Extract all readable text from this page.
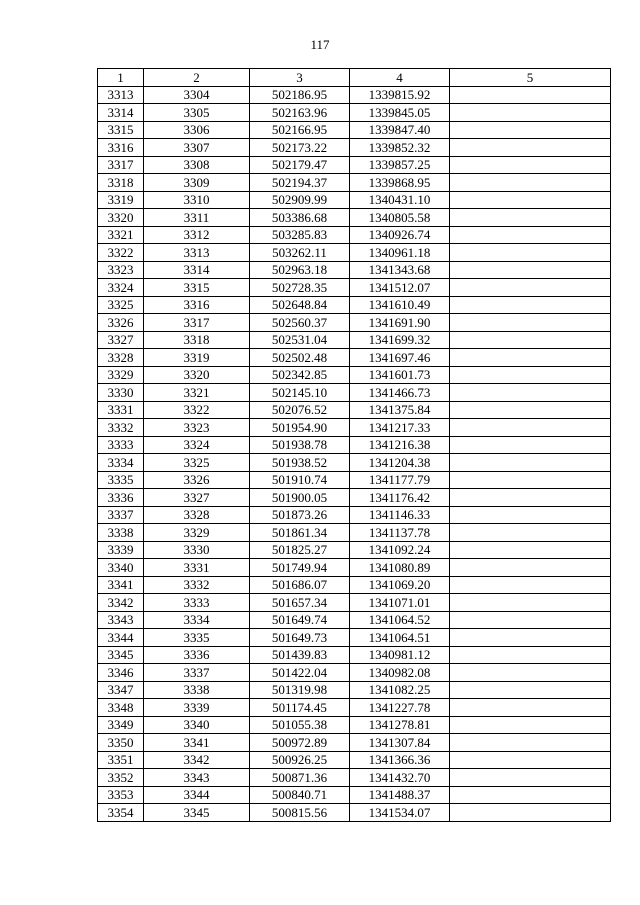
117
1	2	3	4	5
3313	3304	502186.95	1339815.92	
3314	3305	502163.96	1339845.05	
3315	3306	502166.95	1339847.40	
3316	3307	502173.22	1339852.32	
3317	3308	502179.47	1339857.25	
3318	3309	502194.37	1339868.95	
3319	3310	502909.99	1340431.10	
3320	3311	503386.68	1340805.58	
3321	3312	503285.83	1340926.74	
3322	3313	503262.11	1340961.18	
3323	3314	502963.18	1341343.68	
3324	3315	502728.35	1341512.07	
3325	3316	502648.84	1341610.49	
3326	3317	502560.37	1341691.90	
3327	3318	502531.04	1341699.32	
3328	3319	502502.48	1341697.46	
3329	3320	502342.85	1341601.73	
3330	3321	502145.10	1341466.73	
3331	3322	502076.52	1341375.84	
3332	3323	501954.90	1341217.33	
3333	3324	501938.78	1341216.38	
3334	3325	501938.52	1341204.38	
3335	3326	501910.74	1341177.79	
3336	3327	501900.05	1341176.42	
3337	3328	501873.26	1341146.33	
3338	3329	501861.34	1341137.78	
3339	3330	501825.27	1341092.24	
3340	3331	501749.94	1341080.89	
3341	3332	501686.07	1341069.20	
3342	3333	501657.34	1341071.01	
3343	3334	501649.74	1341064.52	
3344	3335	501649.73	1341064.51	
3345	3336	501439.83	1340981.12	
3346	3337	501422.04	1340982.08	
3347	3338	501319.98	1341082.25	
3348	3339	501174.45	1341227.78	
3349	3340	501055.38	1341278.81	
3350	3341	500972.89	1341307.84	
3351	3342	500926.25	1341366.36	
3352	3343	500871.36	1341432.70	
3353	3344	500840.71	1341488.37	
3354	3345	500815.56	1341534.07	
